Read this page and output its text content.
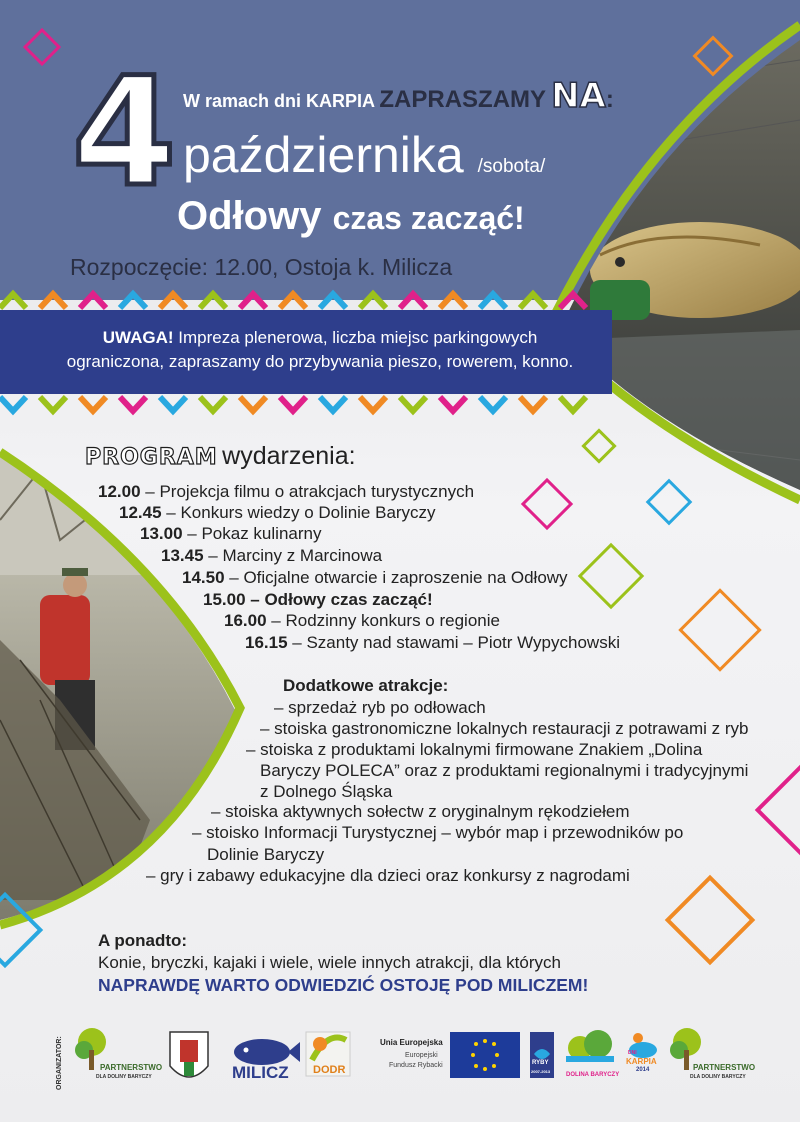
4 W ramach dni KARPIA ZAPRASZAMY NA:
października /sobota/
Odłowy czas zacząć!
Rozpoczęcie: 12.00, Ostoja k. Milicza
UWAGA! Impreza plenerowa, liczba miejsc parkingowych
ograniczona, zapraszamy do przybywania pieszo, rowerem, konno.
PROGRAM wydarzenia:
12.00 – Projekcja filmu o atrakcjach turystycznych
12.45 – Konkurs wiedzy o Dolinie Baryczy
13.00 – Pokaz kulinarny
13.45 – Marciny z Marcinowa
14.50 – Oficjalne otwarcie i zaproszenie na Odłowy
15.00 – Odłowy czas zacząć!
16.00 – Rodzinny konkurs o regionie
16.15 – Szanty nad stawami – Piotr Wypychowski
Dodatkowe atrakcje:
– sprzedaż ryb po odłowach
– stoiska gastronomiczne lokalnych restauracji z potrawami z ryb
– stoiska z produktami lokalnymi firmowane Znakiem „Dolina
Baryczy POLECA” oraz z produktami regionalnymi i tradycyjnymi
z Dolnego Śląska
– stoiska aktywnych sołectw z oryginalnym rękodziełem
– stoisko Informacji Turystycznej – wybór map i przewodników po
Dolinie Baryczy
– gry i zabawy edukacyjne dla dzieci oraz konkursy z nagrodami
A ponadto:
Konie, bryczki, kajaki i wiele, wiele innych atrakcji, dla których
NAPRAWDĘ WARTO ODWIEDZIĆ OSTOJĘ POD MILICZEM!
ORGANIZATOR:	PARTNERSTWO
DLA DOLINY BARYCZY	MILICZ DODR
Unia Europejska
Europejski
Fundusz Rybacki	RYBY
2007-2013
DOLINA BARYCZY
DNI
KARPIA
2014	PARTNERSTWO
DLA DOLINY BARYCZY
